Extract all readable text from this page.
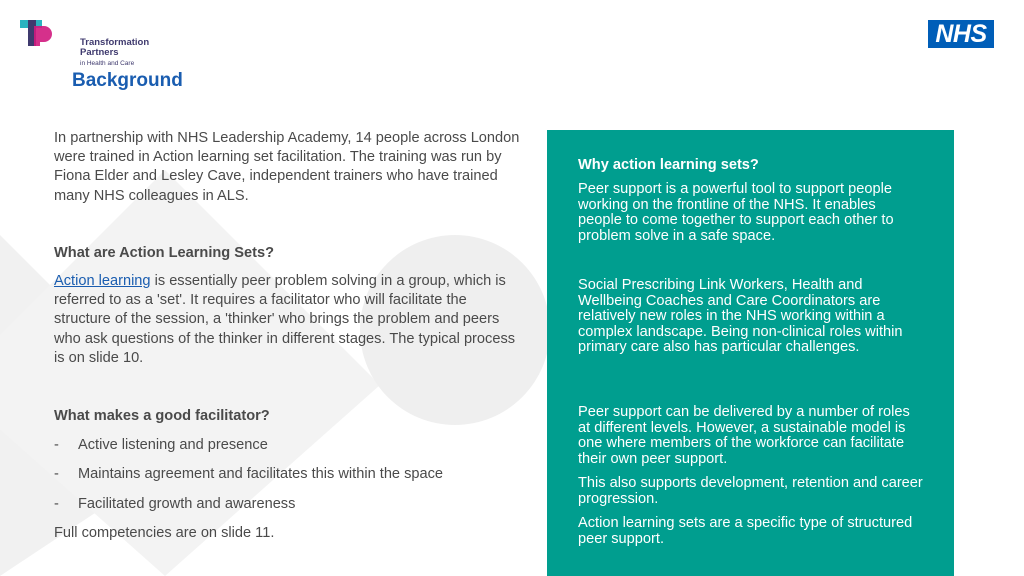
Transformation
Partners
in Health and Care
NHS
Background

In partnership with NHS Leadership Academy, 14 people across London were trained in Action learning set facilitation. The training was run by Fiona Elder and Lesley Cave, independent trainers who have trained many NHS colleagues in ALS.

What are Action Learning Sets?

Action learning is essentially peer problem solving in a group, which is referred to as a 'set'. It requires a facilitator who will facilitate the structure of the session, a 'thinker' who brings the problem and peers who ask questions of the thinker in different stages. The typical process is on slide 10.

What makes a good facilitator?

-	Active listening and presence

-	Maintains agreement and facilitates this within the space

-	Facilitated growth and awareness

Full competencies are on slide 11.

Why action learning sets?

Peer support is a powerful tool to support people working on the frontline of the NHS. It enables people to come together to support each other to problem solve in a safe space.

Social Prescribing Link Workers, Health and Wellbeing Coaches and Care Coordinators are relatively new roles in the NHS working within a complex landscape. Being non-clinical roles within primary care also has particular challenges.

Peer support can be delivered by a number of roles at different levels. However, a sustainable model is one where members of the workforce can facilitate their own peer support.

This also supports development, retention and career progression.

Action learning sets are a specific type of structured peer support.
